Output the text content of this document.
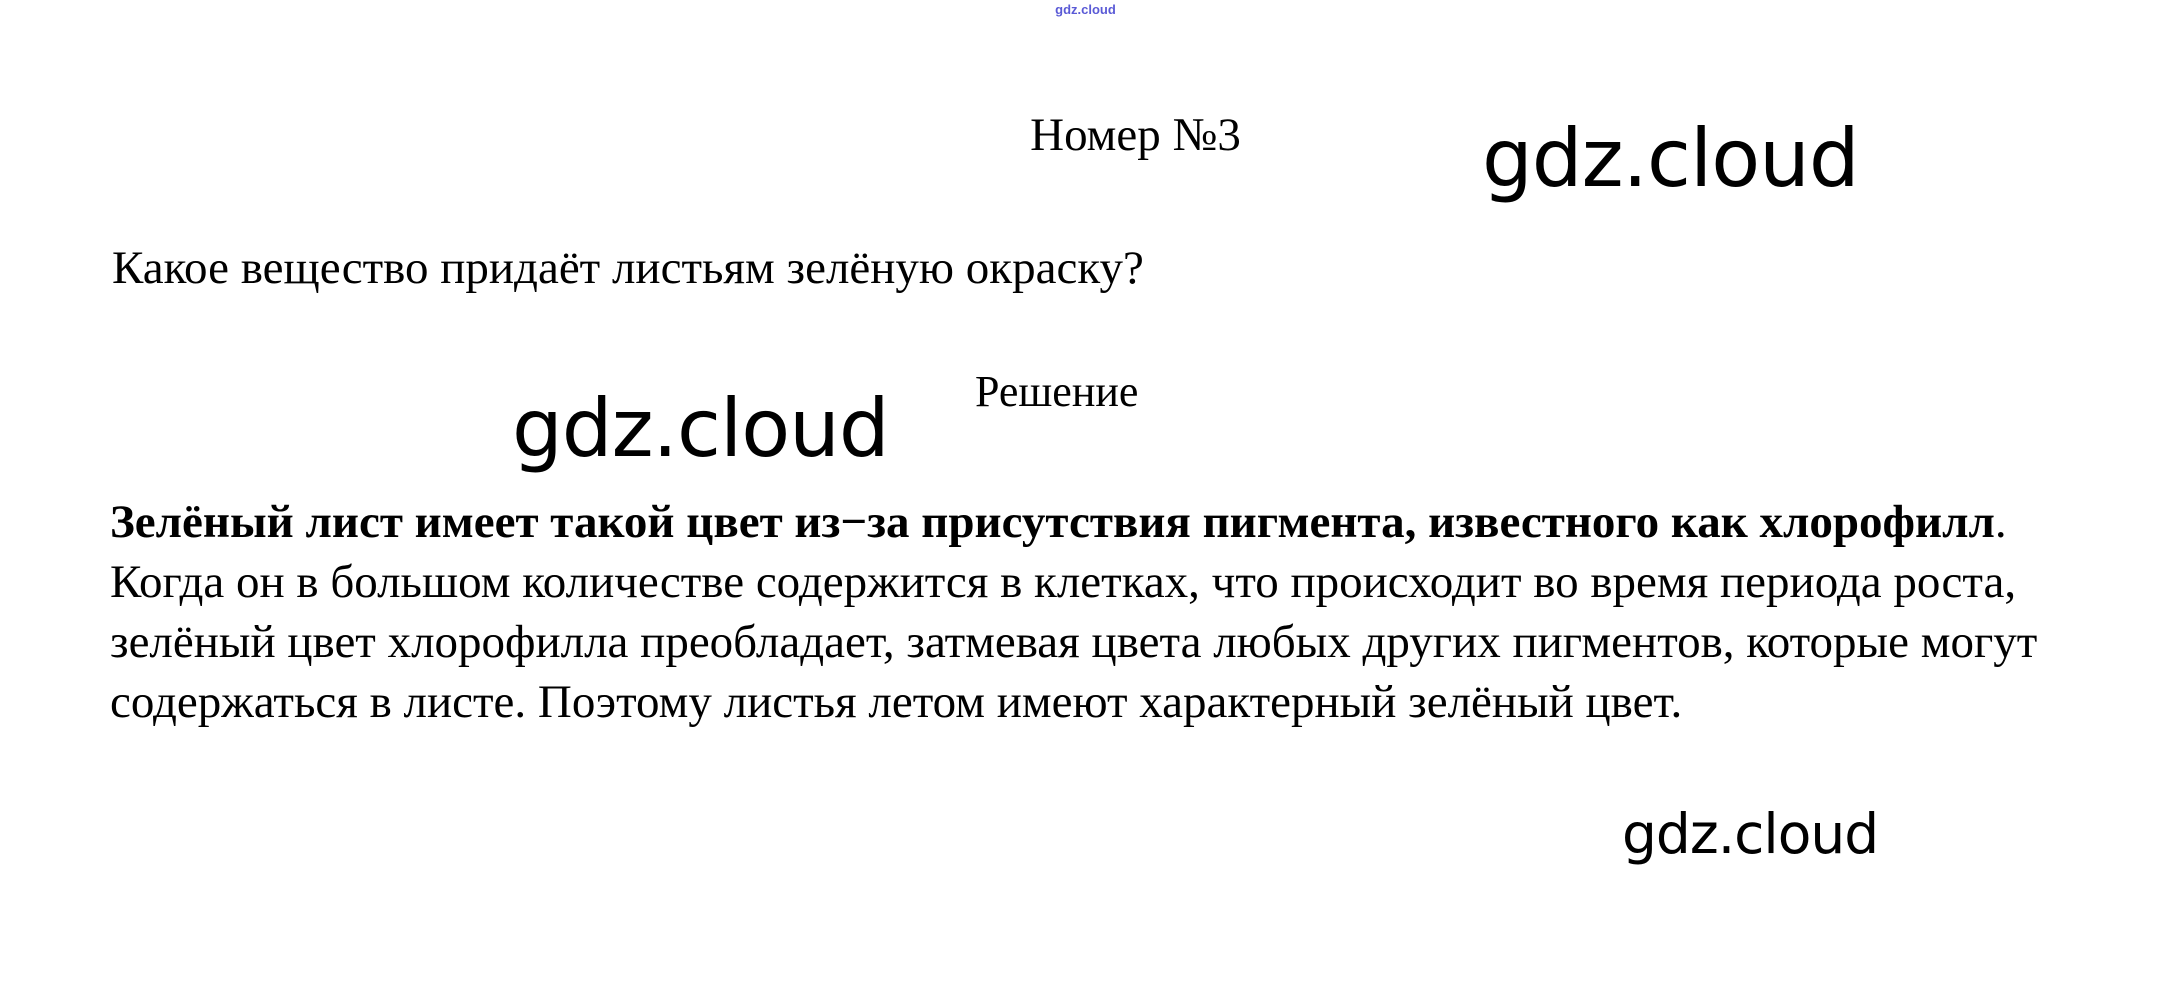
gdz.cloud
Номер №3
Какое вещество придаёт листьям зелёную окраску?
Решение
Зелёный лист имеет такой цвет из−за присутствия пигмента, известного как хлорофилл. Когда он в большом количестве содержится в клетках, что происходит во время периода роста, зелёный цвет хлорофилла преобладает, затмевая цвета любых других пигментов, которые могут содержаться в листе. Поэтому листья летом имеют характерный зелёный цвет.
gdz.cloud
gdz.cloud
gdz.cloud
